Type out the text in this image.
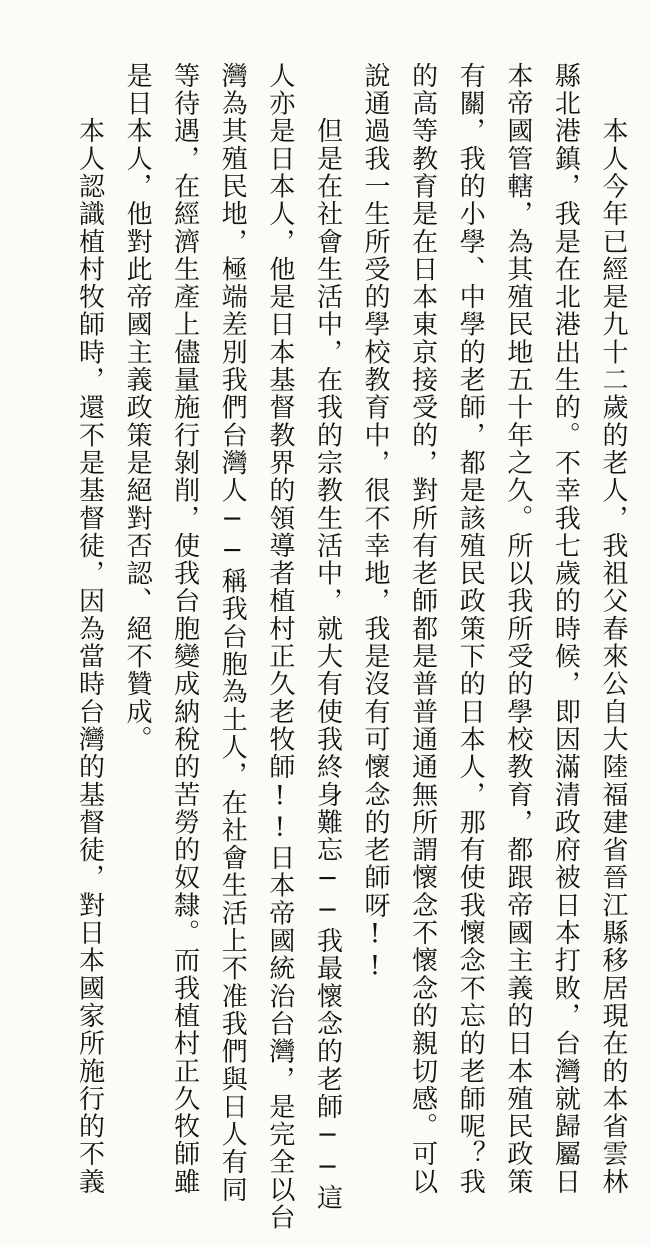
　　本人今年已經是九十二歲的老人，我祖父春來公自大陸福建省晉江縣移居現在的本省雲林
縣北港鎮，我是在北港出生的。不幸我七歲的時候，即因滿清政府被日本打敗，台灣就歸屬日
本帝國管轄，為其殖民地五十年之久。所以我所受的學校教育，都跟帝國主義的日本殖民政策
有關，我的小學、中學的老師，都是該殖民政策下的日本人，那有使我懷念不忘的老師呢？我
的高等教育是在日本東京接受的，對所有老師都是普普通通無所謂懷念不懷念的親切感。可以
說通過我一生所受的學校教育中，很不幸地，我是沒有可懷念的老師呀!!
　　但是在社會生活中，在我的宗教生活中，就大有使我終身難忘──我最懷念的老師──這
人亦是日本人，他是日本基督教界的領導者植村正久老牧師!!日本帝國統治台灣，是完全以台
灣為其殖民地，極端差別我們台灣人──稱我台胞為土人，在社會生活上不准我們與日人有同
等待遇，在經濟生產上儘量施行剝削，使我台胞變成納稅的苦勞的奴隸。而我植村正久牧師雖
是日本人，他對此帝國主義政策是絕對否認、絕不贊成。
　　本人認識植村牧師時，還不是基督徒，因為當時台灣的基督徒，對日本國家所施行的不義
